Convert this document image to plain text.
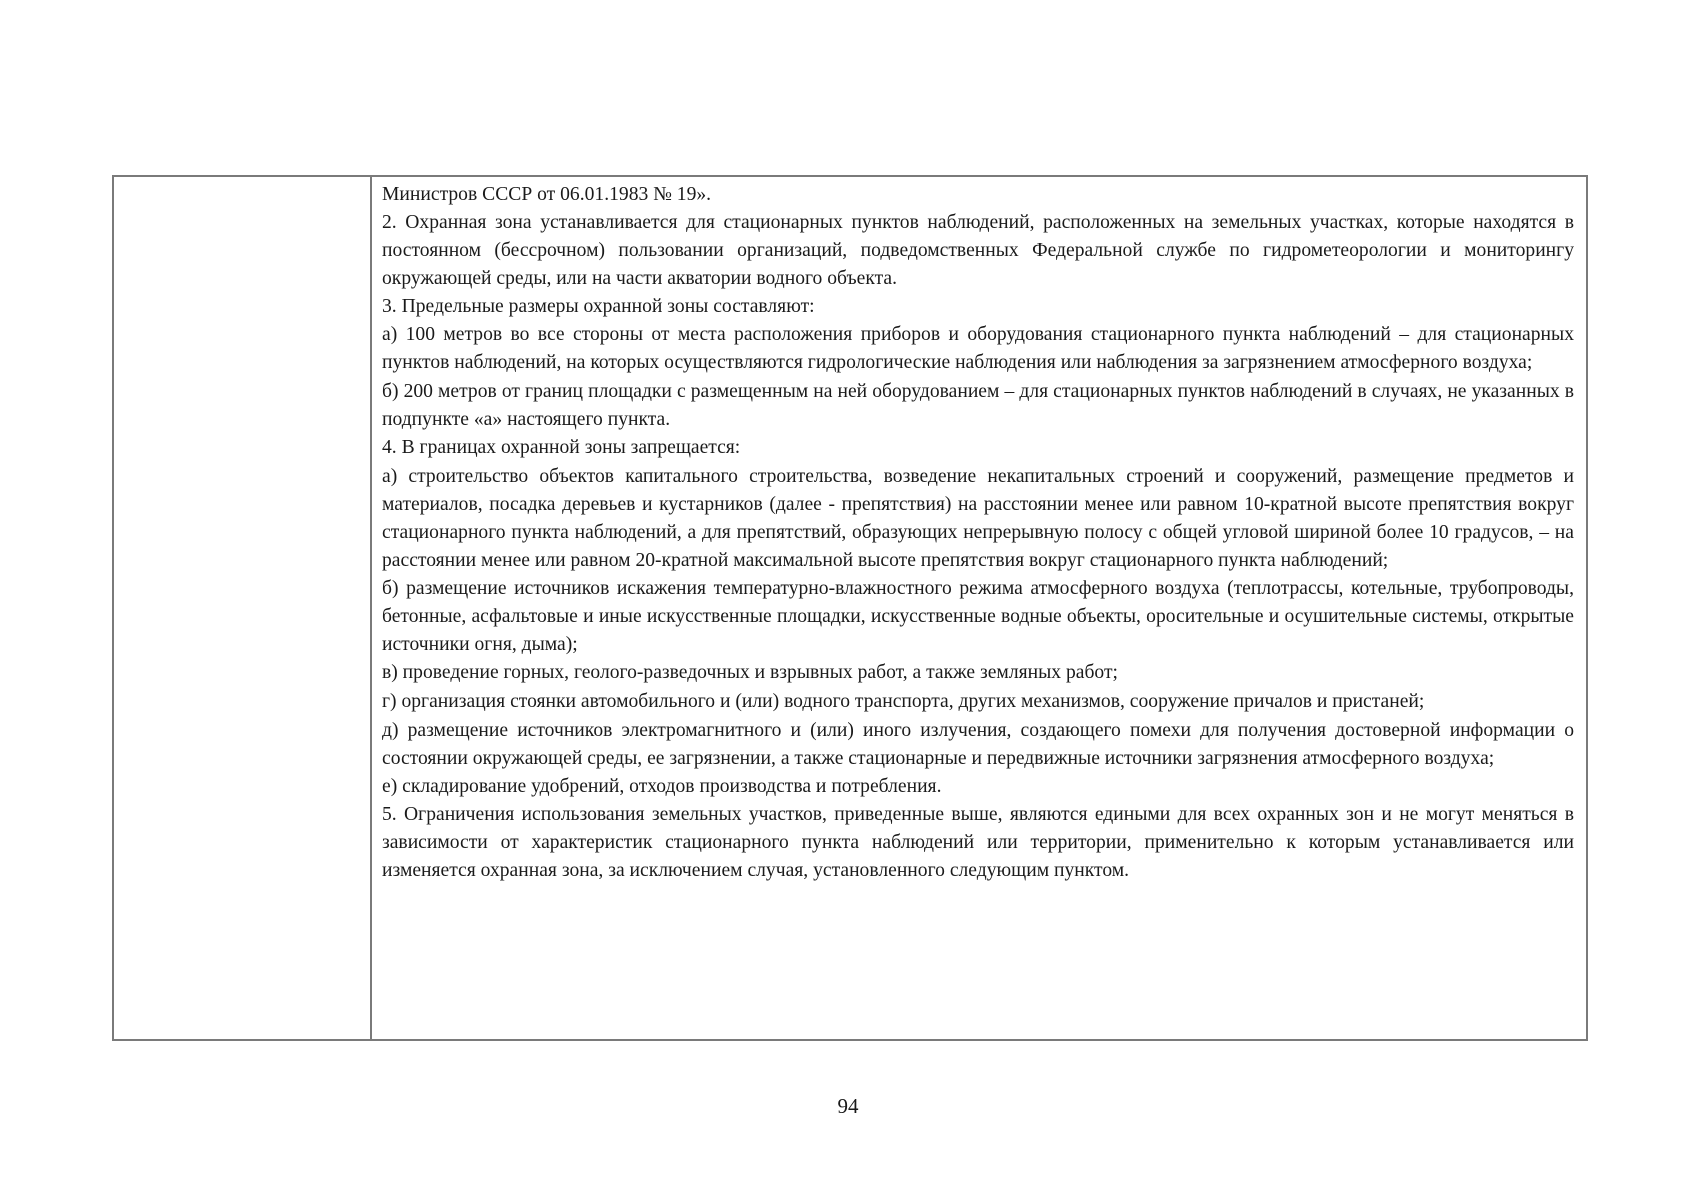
Министров СССР от 06.01.1983 № 19».

2. Охранная зона устанавливается для стационарных пунктов наблюдений, расположенных на земельных участках, которые находятся в постоянном (бессрочном) пользовании организаций, подведомственных Федеральной службе по гидрометеорологии и мониторингу окружающей среды, или на части акватории водного объекта.

3. Предельные размеры охранной зоны составляют:

а) 100 метров во все стороны от места расположения приборов и оборудования стационарного пункта наблюдений – для стационарных пунктов наблюдений, на которых осуществляются гидрологические наблюдения или наблюдения за загрязнением атмосферного воздуха;

б) 200 метров от границ площадки с размещенным на ней оборудованием – для стационарных пунктов наблюдений в случаях, не указанных в подпункте «а» настоящего пункта.

4. В границах охранной зоны запрещается:

а) строительство объектов капитального строительства, возведение некапитальных строений и сооружений, размещение предметов и материалов, посадка деревьев и кустарников (далее - препятствия) на расстоянии менее или равном 10-кратной высоте препятствия вокруг стационарного пункта наблюдений, а для препятствий, образующих непрерывную полосу с общей угловой шириной более 10 градусов, – на расстоянии менее или равном 20-кратной максимальной высоте препятствия вокруг стационарного пункта наблюдений;

б) размещение источников искажения температурно-влажностного режима атмосферного воздуха (теплотрассы, котельные, трубопроводы, бетонные, асфальтовые и иные искусственные площадки, искусственные водные объекты, оросительные и осушительные системы, открытые источники огня, дыма);

в) проведение горных, геолого-разведочных и взрывных работ, а также земляных работ;

г) организация стоянки автомобильного и (или) водного транспорта, других механизмов, сооружение причалов и пристаней;

д) размещение источников электромагнитного и (или) иного излучения, создающего помехи для получения достоверной информации о состоянии окружающей среды, ее загрязнении, а также стационарные и передвижные источники загрязнения атмосферного воздуха;

е) складирование удобрений, отходов производства и потребления.

5. Ограничения использования земельных участков, приведенные выше, являются едиными для всех охранных зон и не могут меняться в зависимости от характеристик стационарного пункта наблюдений или территории, применительно к которым устанавливается или изменяется охранная зона, за исключением случая, установленного следующим пунктом.

94
